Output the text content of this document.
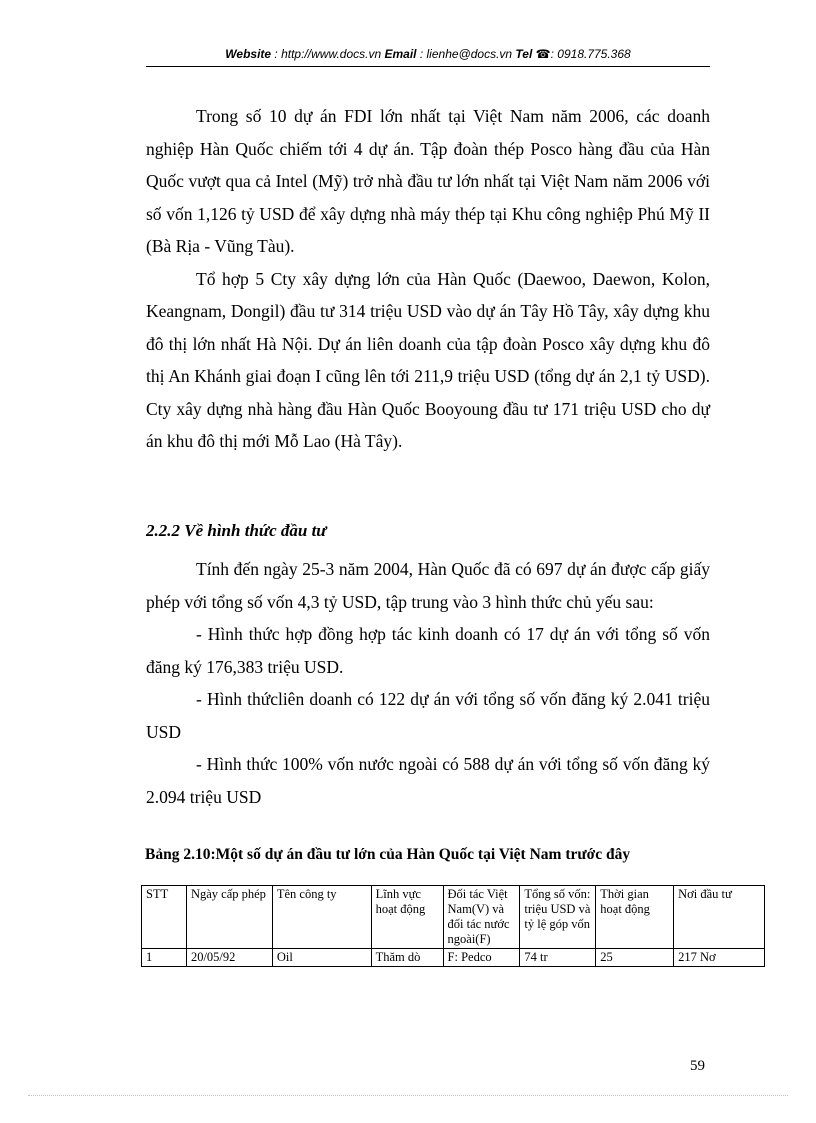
Website : http://www.docs.vn Email : lienhe@docs.vn Tel ☎: 0918.775.368

Trong số 10 dự án FDI lớn nhất tại Việt Nam năm 2006, các doanh nghiệp Hàn Quốc chiếm tới 4 dự án. Tập đoàn thép Posco hàng đầu của Hàn Quốc vượt qua cả Intel (Mỹ) trở nhà đầu tư lớn nhất tại Việt Nam năm 2006 với số vốn 1,126 tỷ USD để xây dựng nhà máy thép tại Khu công nghiệp Phú Mỹ II (Bà Rịa - Vũng Tàu).

Tổ hợp 5 Cty xây dựng lớn của Hàn Quốc (Daewoo, Daewon, Kolon, Keangnam, Dongil) đầu tư 314 triệu USD vào dự án Tây Hồ Tây, xây dựng khu đô thị lớn nhất Hà Nội. Dự án liên doanh của tập đoàn Posco xây dựng khu đô thị An Khánh giai đoạn I cũng lên tới 211,9 triệu USD (tổng dự án 2,1 tỷ USD). Cty xây dựng nhà hàng đầu Hàn Quốc Booyoung đầu tư 171 triệu USD cho dự án khu đô thị mới Mỗ Lao (Hà Tây).

2.2.2 Về hình thức đầu tư

Tính đến ngày 25-3 năm 2004, Hàn Quốc đã có 697 dự án được cấp giấy phép với tổng số vốn 4,3 tỷ USD, tập trung vào 3 hình thức chủ yếu sau:

- Hình thức hợp đồng hợp tác kinh doanh có 17 dự án với tổng số vốn đăng ký 176,383 triệu USD.

- Hình thứcliên doanh có 122 dự án với tổng số vốn đăng ký 2.041 triệu USD

- Hình thức 100% vốn nước ngoài có 588 dự án với tổng số vốn đăng ký 2.094 triệu USD

Bảng 2.10:Một số dự án đầu tư lớn của Hàn Quốc tại Việt Nam trước đây
STT	Ngày cấp phép	Tên công ty	Lĩnh vực hoạt động	Đối tác Việt Nam(V) và đối tác nước ngoài(F)	Tổng số vốn: triệu USD và tỷ lệ góp vốn	Thời gian hoạt động	Nơi đầu tư
1	20/05/92	Oil	Thăm dò	F: Pedco	74 tr	25	217 Nơ
59
